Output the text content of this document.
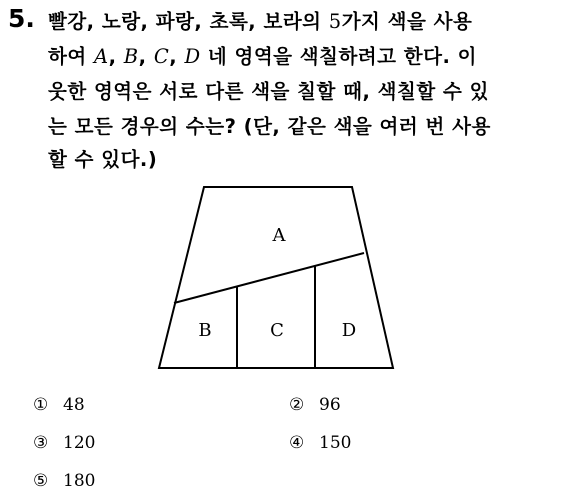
5. 빨강, 노랑, 파랑, 초록, 보라의 5가지 색을 사용
하여 A, B, C, D 네 영역을 색칠하려고 한다. 이
웃한 영역은 서로 다른 색을 칠할 때, 색칠할 수 있
는 모든 경우의 수는? (단, 같은 색을 여러 번 사용
할 수 있다.)
A
B	C	D
① 48	② 96
③ 120	④ 150
⑤ 180
